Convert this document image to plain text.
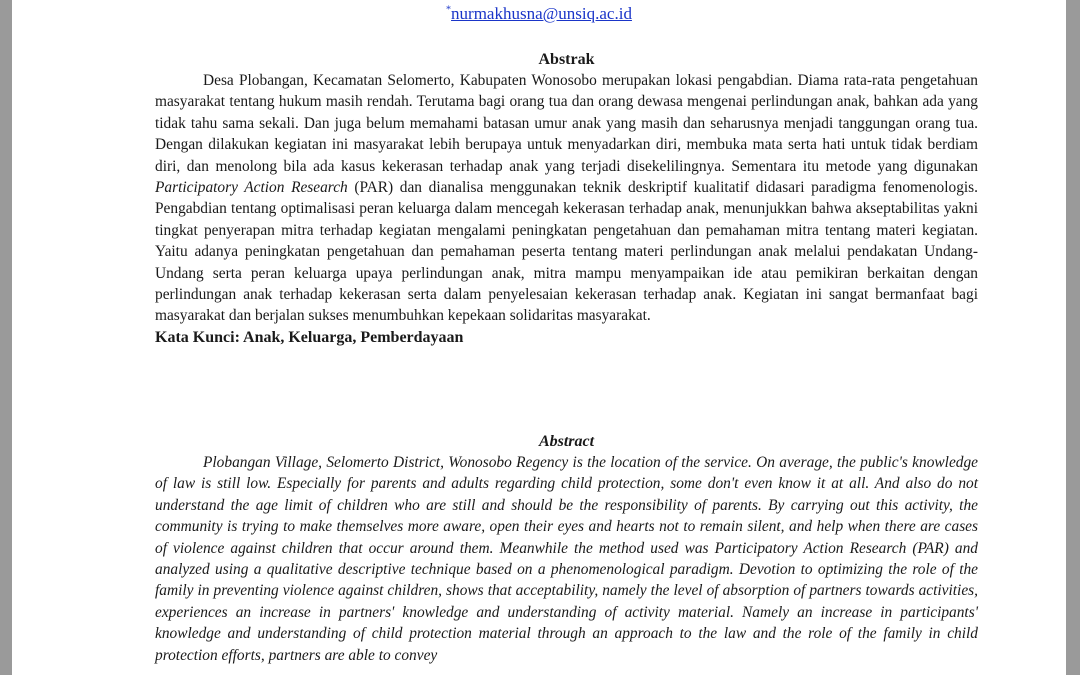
*nurmakhusna@unsiq.ac.id
Abstrak

Desa Plobangan, Kecamatan Selomerto, Kabupaten Wonosobo merupakan lokasi pengabdian. Diama rata-rata pengetahuan masyarakat tentang hukum masih rendah. Terutama bagi orang tua dan orang dewasa mengenai perlindungan anak, bahkan ada yang tidak tahu sama sekali. Dan juga belum memahami batasan umur anak yang masih dan seharusnya menjadi tanggungan orang tua. Dengan dilakukan kegiatan ini masyarakat lebih berupaya untuk menyadarkan diri, membuka mata serta hati untuk tidak berdiam diri, dan menolong bila ada kasus kekerasan terhadap anak yang terjadi disekelilingnya. Sementara itu metode yang digunakan Participatory Action Research (PAR) dan dianalisa menggunakan teknik deskriptif kualitatif didasari paradigma fenomenologis. Pengabdian tentang optimalisasi peran keluarga dalam mencegah kekerasan terhadap anak, menunjukkan bahwa akseptabilitas yakni tingkat penyerapan mitra terhadap kegiatan mengalami peningkatan pengetahuan dan pemahaman mitra tentang materi kegiatan. Yaitu adanya peningkatan pengetahuan dan pemahaman peserta tentang materi perlindungan anak melalui pendakatan Undang-Undang serta peran keluarga upaya perlindungan anak, mitra mampu menyampaikan ide atau pemikiran berkaitan dengan perlindungan anak terhadap kekerasan serta dalam penyelesaian kekerasan terhadap anak. Kegiatan ini sangat bermanfaat bagi masyarakat dan berjalan sukses menumbuhkan kepekaan solidaritas masyarakat.

Kata Kunci: Anak, Keluarga, Pemberdayaan

Abstract

Plobangan Village, Selomerto District, Wonosobo Regency is the location of the service. On average, the public's knowledge of law is still low. Especially for parents and adults regarding child protection, some don't even know it at all. And also do not understand the age limit of children who are still and should be the responsibility of parents. By carrying out this activity, the community is trying to make themselves more aware, open their eyes and hearts not to remain silent, and help when there are cases of violence against children that occur around them. Meanwhile the method used was Participatory Action Research (PAR) and analyzed using a qualitative descriptive technique based on a phenomenological paradigm. Devotion to optimizing the role of the family in preventing violence against children, shows that acceptability, namely the level of absorption of partners towards activities, experiences an increase in partners' knowledge and understanding of activity material. Namely an increase in participants' knowledge and understanding of child protection material through an approach to the law and the role of the family in child protection efforts, partners are able to convey
